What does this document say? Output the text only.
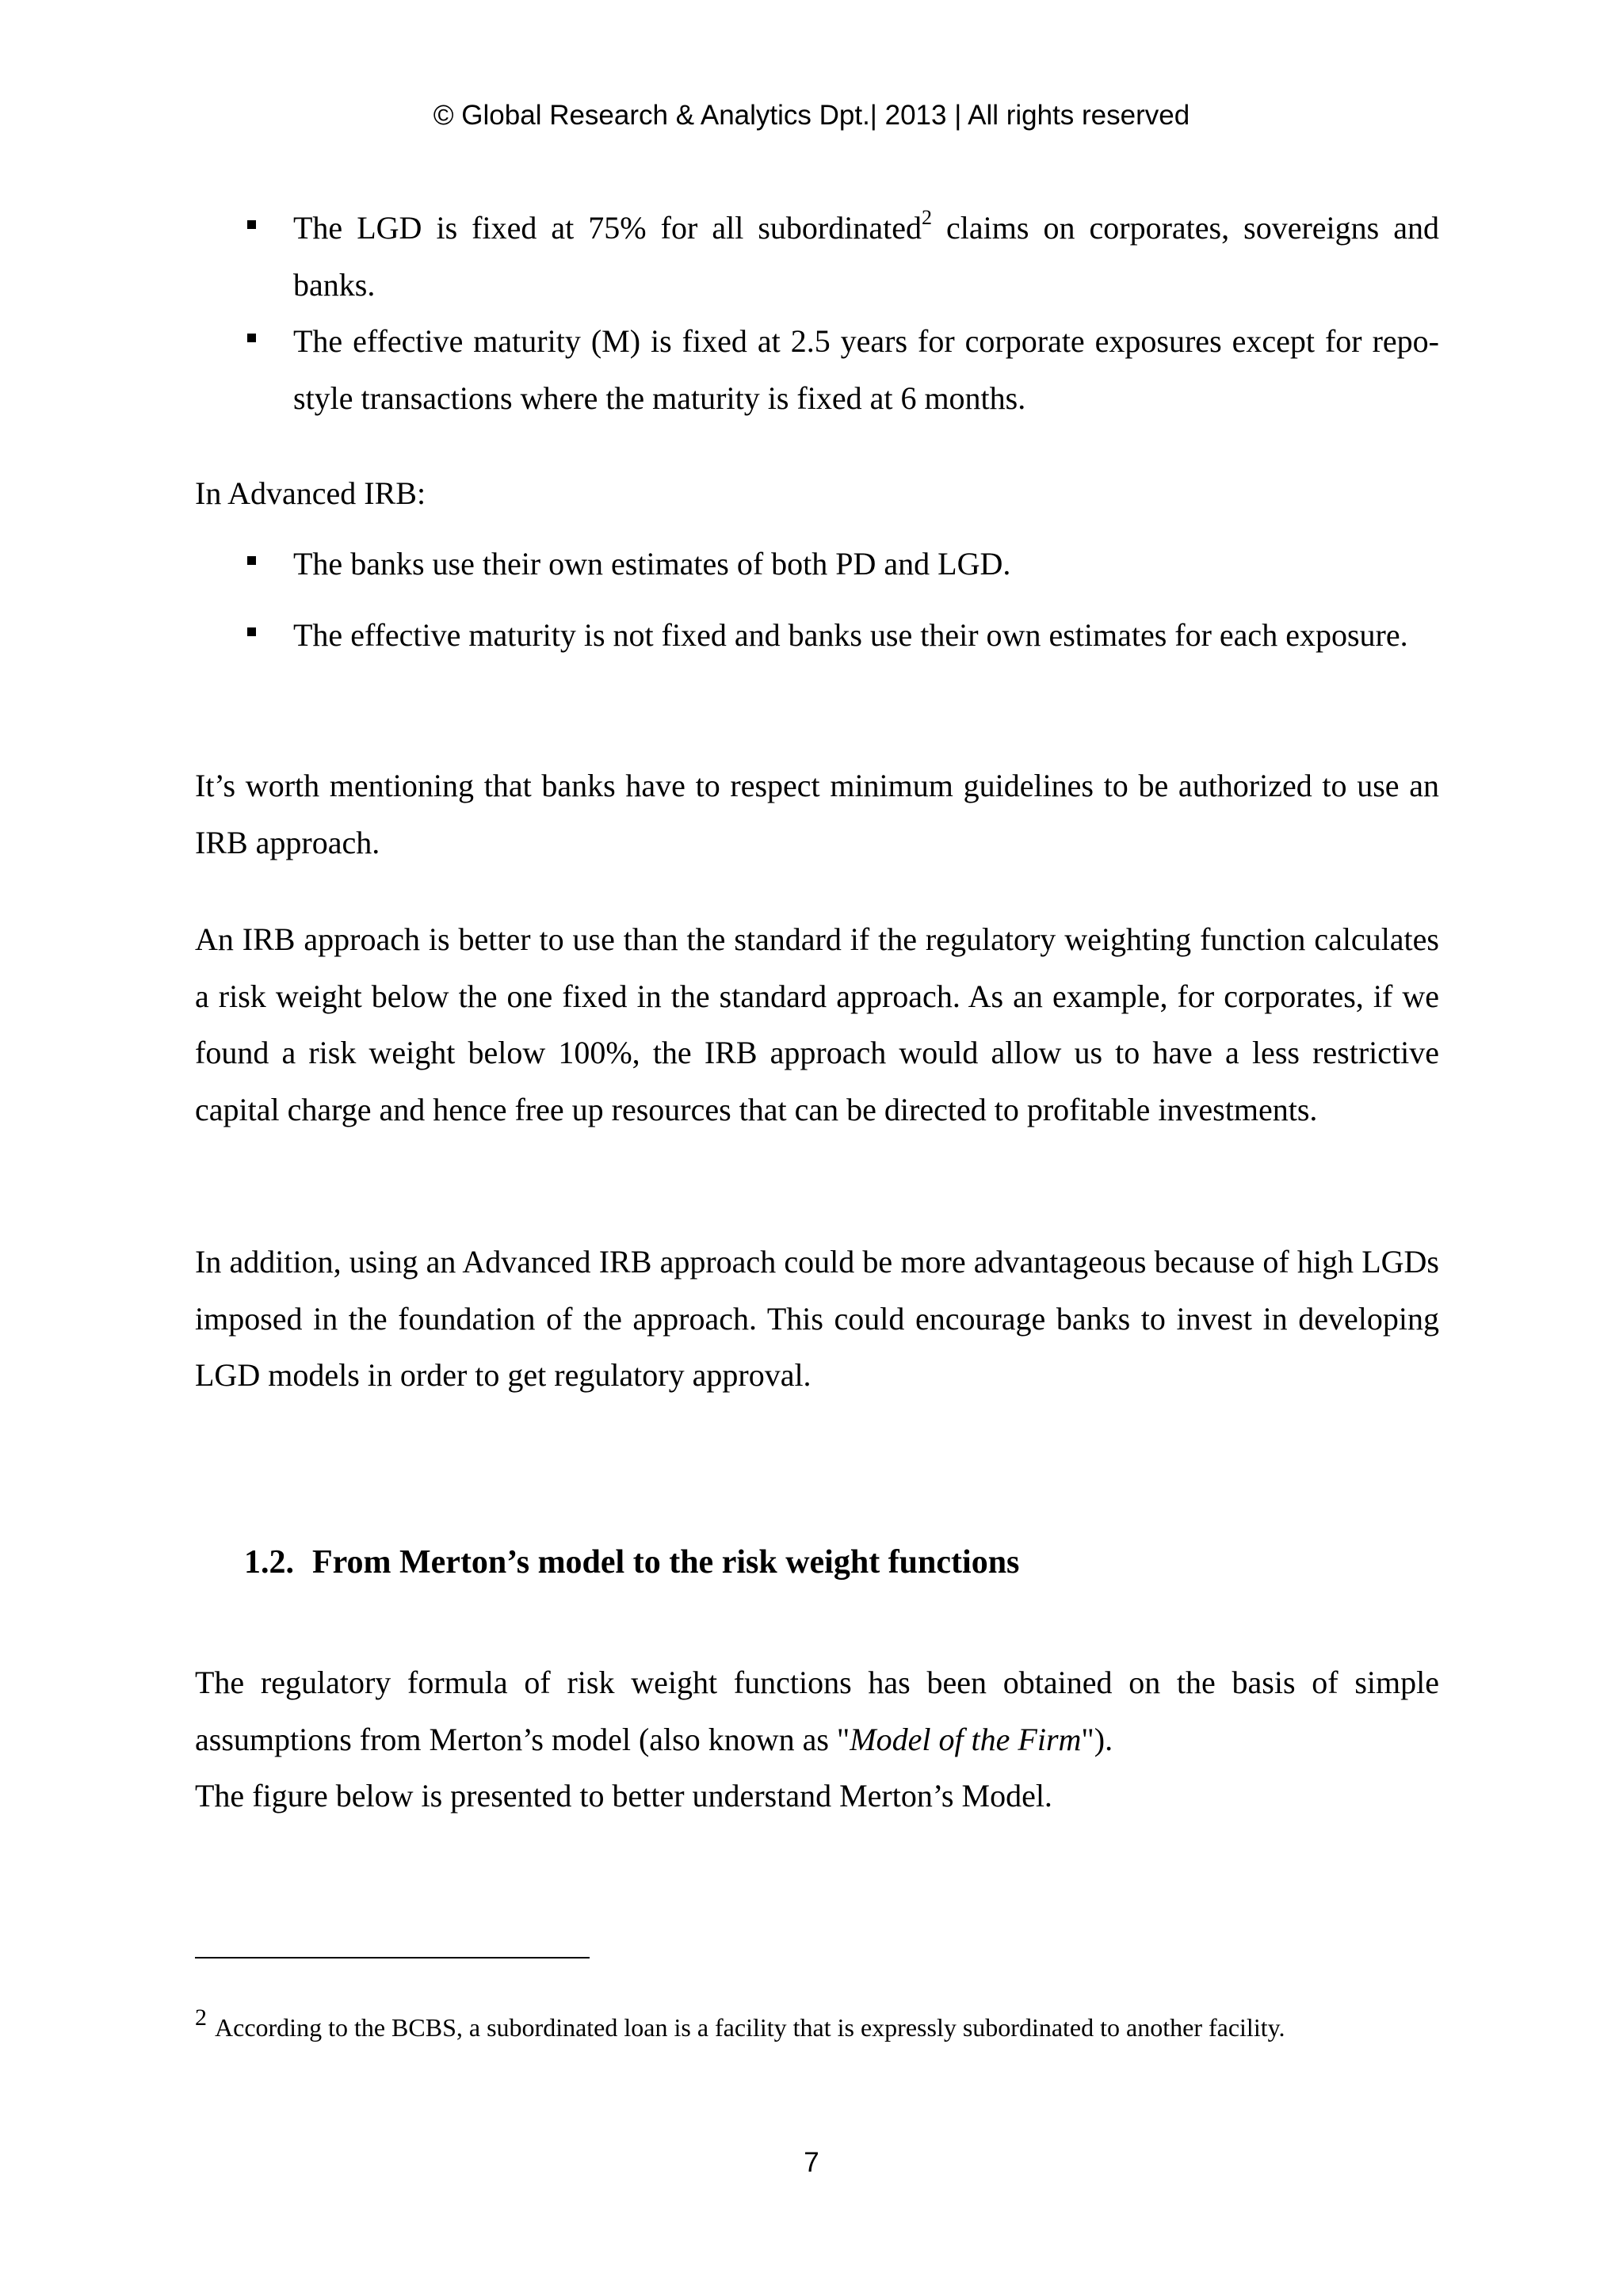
© Global Research & Analytics Dpt.| 2013 | All rights reserved
The LGD is fixed at 75% for all subordinated$^2$ claims on corporates, sovereigns and banks.
The effective maturity (M) is fixed at 2.5 years for corporate exposures except for repo-style transactions where the maturity is fixed at 6 months.

In Advanced IRB:

The banks use their own estimates of both PD and LGD.
The effective maturity is not fixed and banks use their own estimates for each exposure.

It’s worth mentioning that banks have to respect minimum guidelines to be authorized to use an IRB approach.

An IRB approach is better to use than the standard if the regulatory weighting function calculates a risk weight below the one fixed in the standard approach. As an example, for corporates, if we found a risk weight below 100%, the IRB approach would allow us to have a less restrictive capital charge and hence free up resources that can be directed to profitable investments.

In addition, using an Advanced IRB approach could be more advantageous because of high LGDs imposed in the foundation of the approach. This could encourage banks to invest in developing LGD models in order to get regulatory approval.

1.2. From Merton’s model to the risk weight functions

The regulatory formula of risk weight functions has been obtained on the basis of simple assumptions from Merton’s model (also known as "Model of the Firm").

The figure below is presented to better understand Merton’s Model.

2 According to the BCBS, a subordinated loan is a facility that is expressly subordinated to another facility.
7
